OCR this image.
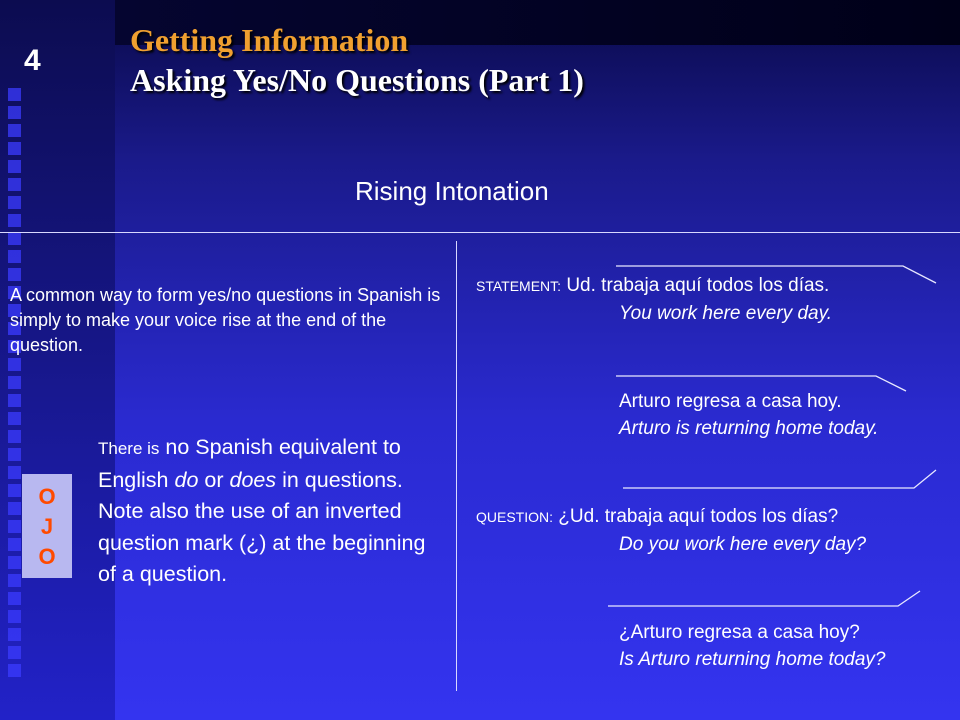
4
Getting Information
Asking Yes/No Questions (Part 1)
Rising Intonation
A common way to form yes/no questions in Spanish is simply to make your voice rise at the end of the question.
O
J
O
There is no Spanish equivalent to English do or does in questions. Note also the use of an inverted question mark (¿) at the beginning of a question.
STATEMENT: Ud. trabaja aquí todos los días.
You work here every day.
Arturo regresa a casa hoy.
Arturo is returning home today.
QUESTION: ¿Ud. trabaja aquí todos los días?
Do you work here every day?
¿Arturo regresa a casa hoy?
Is Arturo returning home today?
